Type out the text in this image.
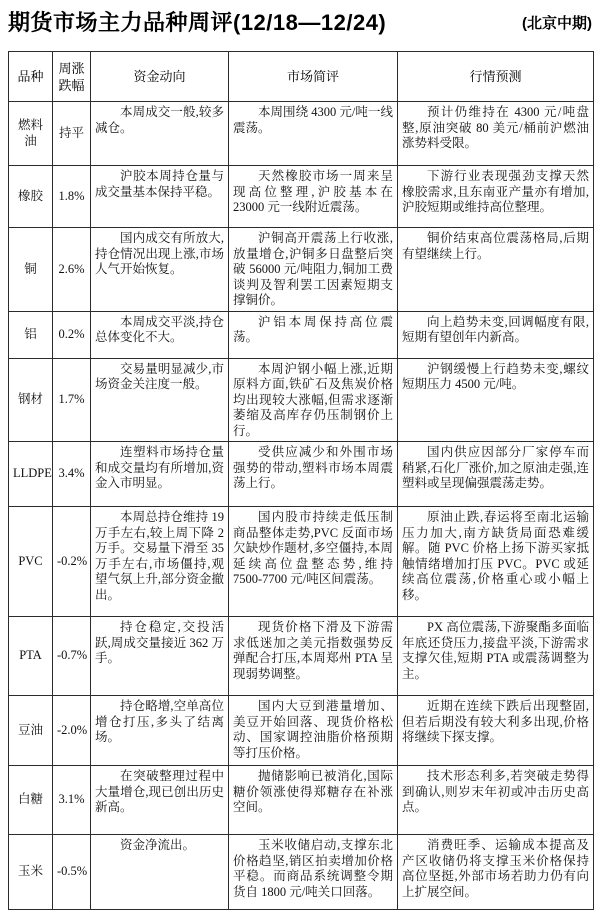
期货市场主力品种周评(12/18—12/24)	(北京中期)
品种	周涨跌幅	资金动向	市场简评	行情预测
燃料油	持平	本周成交一般,较多减仓。	本周围绕 4300 元/吨一线震荡。	预计仍维持在 4300 元/吨盘整,原油突破 80 美元/桶前沪燃油涨势料受限。
橡胶	1.8%	沪胶本周持仓量与成交量基本保持平稳。	天然橡胶市场一周来呈现高位整理,沪胶基本在 23000 元一线附近震荡。	下游行业表现强劲支撑天然橡胶需求,且东南亚产量亦有增加,沪胶短期或维持高位整理。
铜	2.6%	国内成交有所放大,持仓情况出现上涨,市场人气开始恢复。	沪铜高开震荡上行收涨,放量增仓,沪铜多日盘整后突破 56000 元/吨阻力,铜加工费谈判及智利罢工因素短期支撑铜价。	铜价结束高位震荡格局,后期有望继续上行。
铝	0.2%	本周成交平淡,持仓总体变化不大。	沪铝本周保持高位震荡。	向上趋势未变,回调幅度有限,短期有望创年内新高。
钢材	1.7%	交易量明显减少,市场资金关注度一般。	本周沪钢小幅上涨,近期原料方面,铁矿石及焦炭价格均出现较大涨幅,但需求逐渐萎缩及高库存仍压制钢价上行。	沪钢缓慢上行趋势未变,螺纹短期压力 4500 元/吨。
LLDPE	3.4%	连塑料市场持仓量和成交量均有所增加,资金入市明显。	受供应减少和外围市场强势的带动,塑料市场本周震荡上行。	国内供应因部分厂家停车而稍紧,石化厂涨价,加之原油走强,连塑料或呈现偏强震荡走势。
PVC	-0.2%	本周总持仓维持 19 万手左右,较上周下降 2 万手。交易量下滑至 35 万手左右,市场僵持,观望气氛上升,部分资金撤出。	国内股市持续走低压制商品整体走势,PVC 反面市场欠缺炒作题材,多空僵持,本周延续高位盘整态势,维持 7500-7700 元/吨区间震荡。	原油止跌,春运将至南北运输压力加大,南方缺货局面恐难缓解。随 PVC 价格上扬下游买家抵触情绪增加打压 PVC。PVC 或延续高位震荡,价格重心或小幅上移。
PTA	-0.7%	持仓稳定,交投活跃,周成交量接近 362 万手。	现货价格下滑及下游需求低迷加之美元指数强势反弹配合打压,本周郑州 PTA 呈现弱势调整。	PX 高位震荡,下游聚酯多面临年底还贷压力,接盘平淡,下游需求支撑欠佳,短期 PTA 或震荡调整为主。
豆油	-2.0%	持仓略增,空单高位增仓打压,多头了结离场。	国内大豆到港量增加、美豆开始回落、现货价格松动、国家调控油脂价格预期等打压价格。	近期在连续下跌后出现整固,但若后期没有较大利多出现,价格将继续下探支撑。
白糖	3.1%	在突破整理过程中大量增仓,现已创出历史新高。	抛储影响已被消化,国际糖价领涨使得郑糖存在补涨空间。	技术形态利多,若突破走势得到确认,则岁末年初或冲击历史高点。
玉米	-0.5%	资金净流出。	玉米收储启动,支撑东北价格趋坚,销区拍卖增加价格平稳。而商品系统调整令期货自 1800 元/吨关口回落。	消费旺季、运输成本提高及产区收储仍将支撑玉米价格保持高位坚挺,外部市场若助力仍有向上扩展空间。
